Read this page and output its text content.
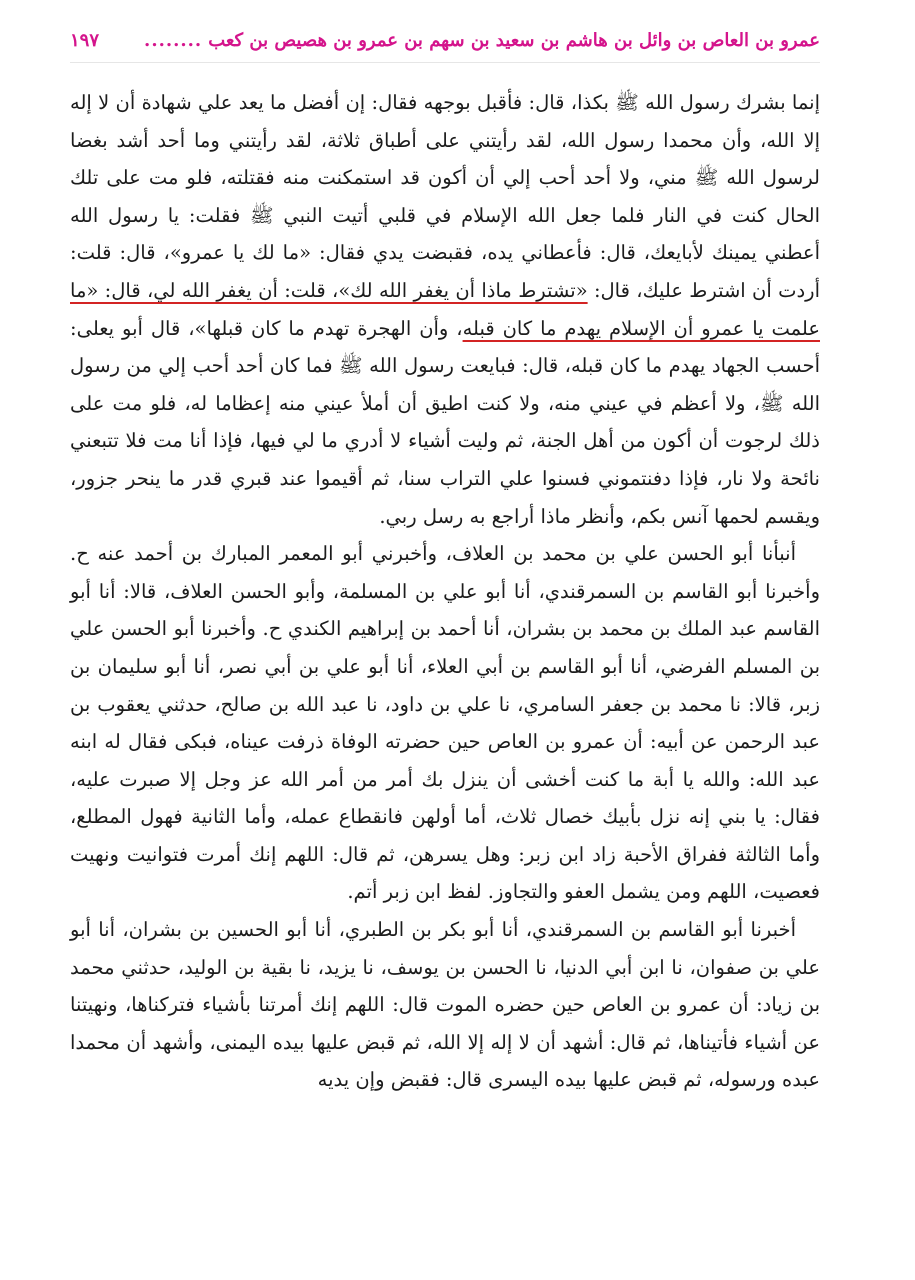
عمرو بن العاص بن وائل بن هاشم بن سعيد بن سهم بن عمرو بن هصيص بن كعب
........
١٩٧

إنما بشرك رسول الله ﷺ بكذا، قال: فأقبل بوجهه فقال: إن أفضل ما يعد علي شهادة أن لا إله إلا الله، وأن محمدا رسول الله، لقد رأيتني على أطباق ثلاثة، لقد رأيتني وما أحد أشد بغضا لرسول الله ﷺ مني، ولا أحد أحب إلي أن أكون قد استمكنت منه فقتلته، فلو مت على تلك الحال كنت في النار فلما جعل الله الإسلام في قلبي أتيت النبي ﷺ فقلت: يا رسول الله أعطني يمينك لأبايعك، قال: فأعطاني يده، فقبضت يدي فقال: «ما لك يا عمرو»، قال: قلت: أردت أن اشترط عليك، قال: «تشترط ماذا أن يغفر الله لك»، قلت: أن يغفر الله لي، قال: «ما علمت يا عمرو أن الإسلام يهدم ما كان قبله، وأن الهجرة تهدم ما كان قبلها»، قال أبو يعلى: أحسب الجهاد يهدم ما كان قبله، قال: فبايعت رسول الله ﷺ فما كان أحد أحب إلي من رسول الله ﷺ، ولا أعظم في عيني منه، ولا كنت اطيق أن أملأ عيني منه إعظاما له، فلو مت على ذلك لرجوت أن أكون من أهل الجنة، ثم وليت أشياء لا أدري ما لي فيها، فإذا أنا مت فلا تتبعني نائحة ولا نار، فإذا دفنتموني فسنوا علي التراب سنا، ثم أقيموا عند قبري قدر ما ينحر جزور، ويقسم لحمها آنس بكم، وأنظر ماذا أراجع به رسل ربي.

أنبأنا أبو الحسن علي بن محمد بن العلاف، وأخبرني أبو المعمر المبارك بن أحمد عنه ح. وأخبرنا أبو القاسم بن السمرقندي، أنا أبو علي بن المسلمة، وأبو الحسن العلاف، قالا: أنا أبو القاسم عبد الملك بن محمد بن بشران، أنا أحمد بن إبراهيم الكندي ح. وأخبرنا أبو الحسن علي بن المسلم الفرضي، أنا أبو القاسم بن أبي العلاء، أنا أبو علي بن أبي نصر، أنا أبو سليمان بن زبر، قالا: نا محمد بن جعفر السامري، نا علي بن داود، نا عبد الله بن صالح، حدثني يعقوب بن عبد الرحمن عن أبيه: أن عمرو بن العاص حين حضرته الوفاة ذرفت عيناه، فبكى فقال له ابنه عبد الله: والله يا أبة ما كنت أخشى أن ينزل بك أمر من أمر الله عز وجل إلا صبرت عليه، فقال: يا بني إنه نزل بأبيك خصال ثلاث، أما أولهن فانقطاع عمله، وأما الثانية فهول المطلع، وأما الثالثة ففراق الأحبة زاد ابن زبر: وهل يسرهن، ثم قال: اللهم إنك أمرت فتوانيت ونهيت فعصيت، اللهم ومن يشمل العفو والتجاوز. لفظ ابن زبر أتم.

أخبرنا أبو القاسم بن السمرقندي، أنا أبو بكر بن الطبري، أنا أبو الحسين بن بشران، أنا أبو علي بن صفوان، نا ابن أبي الدنيا، نا الحسن بن يوسف، نا يزيد، نا بقية بن الوليد، حدثني محمد بن زياد: أن عمرو بن العاص حين حضره الموت قال: اللهم إنك أمرتنا بأشياء فتركناها، ونهيتنا عن أشياء فأتيناها، ثم قال: أشهد أن لا إله إلا الله، ثم قبض عليها بيده اليمنى، وأشهد أن محمدا عبده ورسوله، ثم قبض عليها بيده اليسرى قال: فقبض وإن يديه
